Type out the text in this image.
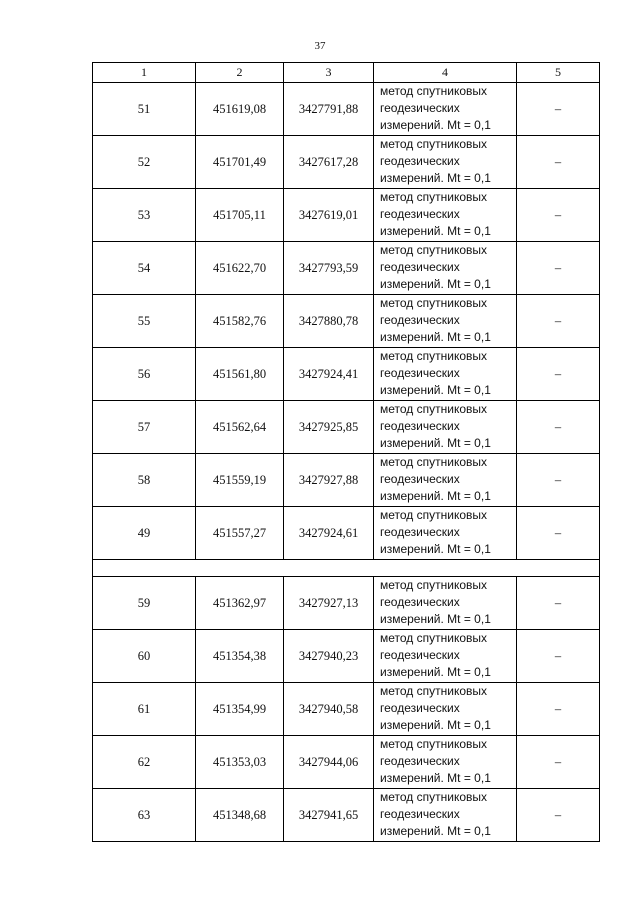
37
1	2	3	4	5
51	451619,08	3427791,88	метод спутниковых
геодезических
измерений. Mt = 0,1	–
52	451701,49	3427617,28	метод спутниковых
геодезических
измерений. Mt = 0,1	–
53	451705,11	3427619,01	метод спутниковых
геодезических
измерений. Mt = 0,1	–
54	451622,70	3427793,59	метод спутниковых
геодезических
измерений. Mt = 0,1	–
55	451582,76	3427880,78	метод спутниковых
геодезических
измерений. Mt = 0,1	–
56	451561,80	3427924,41	метод спутниковых
геодезических
измерений. Mt = 0,1	–
57	451562,64	3427925,85	метод спутниковых
геодезических
измерений. Mt = 0,1	–
58	451559,19	3427927,88	метод спутниковых
геодезических
измерений. Mt = 0,1	–
49	451557,27	3427924,61	метод спутниковых
геодезических
измерений. Mt = 0,1	–

59	451362,97	3427927,13	метод спутниковых
геодезических
измерений. Mt = 0,1	–
60	451354,38	3427940,23	метод спутниковых
геодезических
измерений. Mt = 0,1	–
61	451354,99	3427940,58	метод спутниковых
геодезических
измерений. Mt = 0,1	–
62	451353,03	3427944,06	метод спутниковых
геодезических
измерений. Mt = 0,1	–
63	451348,68	3427941,65	метод спутниковых
геодезических
измерений. Mt = 0,1	–
